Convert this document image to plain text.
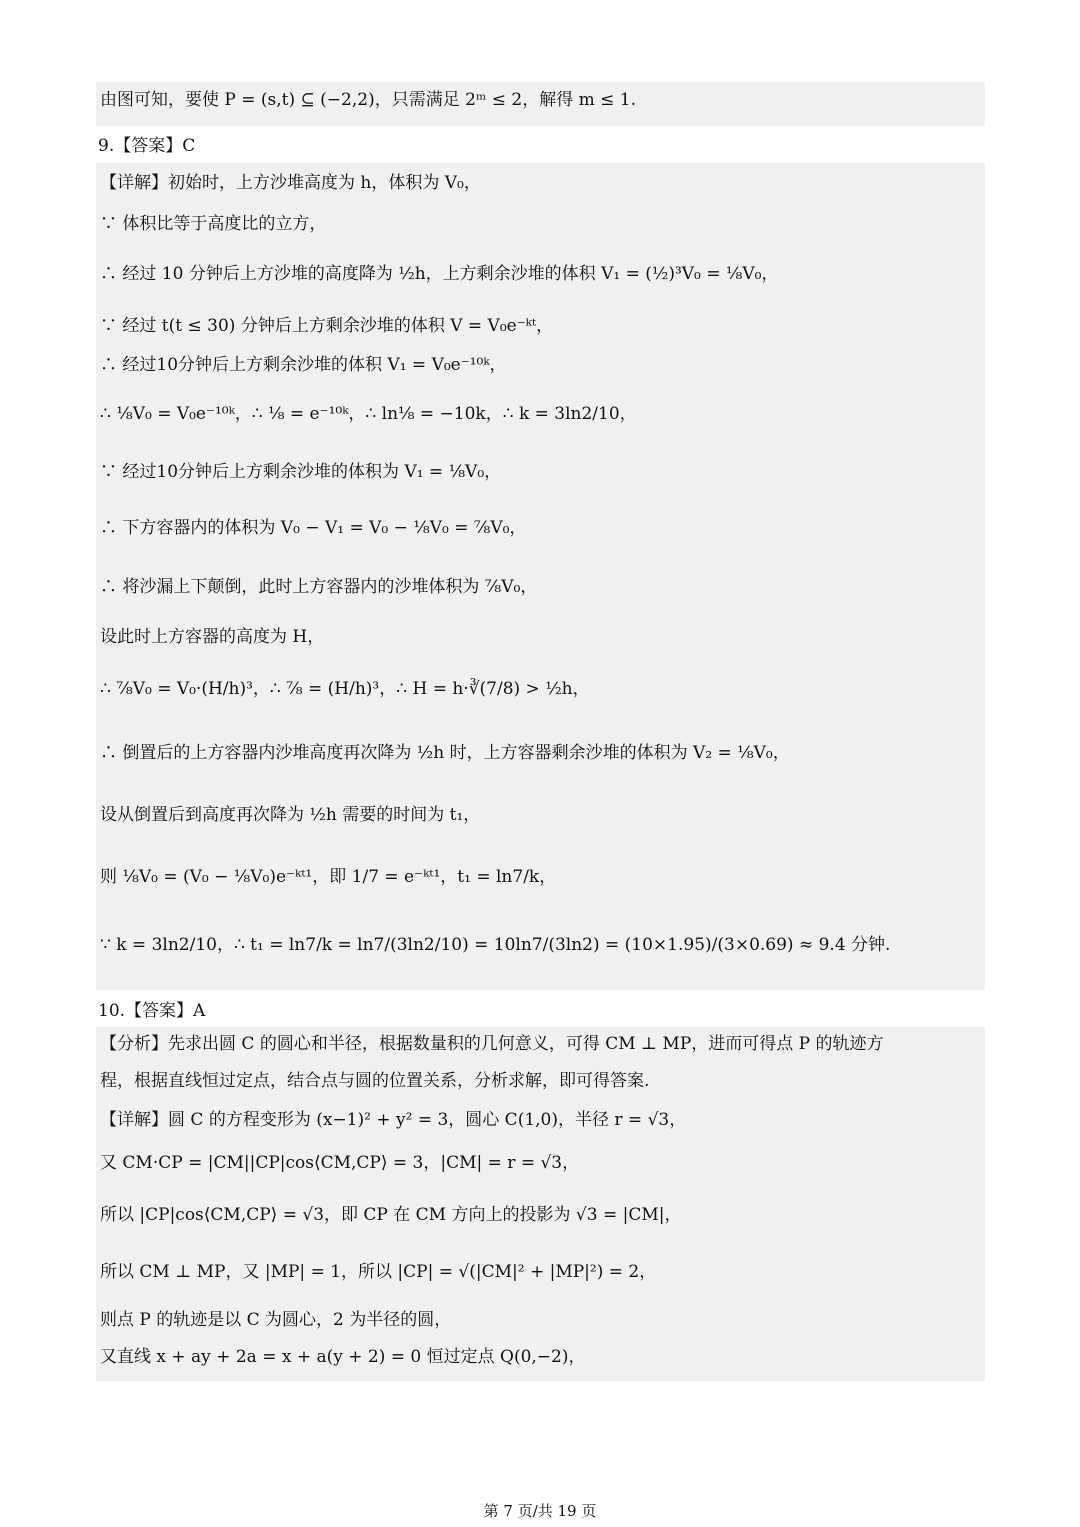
由图可知，要使 P = (s,t) ⊆ (−2,2)，只需满足 2ᵐ ≤ 2，解得 m ≤ 1.
9.【答案】C
【详解】初始时，上方沙堆高度为 h，体积为 V₀，
∵ 体积比等于高度比的立方，
∴ 经过 10 分钟后上方沙堆的高度降为 ½h，上方剩余沙堆的体积 V₁ = (½)³V₀ = ⅛V₀，
∵ 经过 t(t ≤ 30) 分钟后上方剩余沙堆的体积 V = V₀e⁻ᵏᵗ，
∴ 经过10分钟后上方剩余沙堆的体积 V₁ = V₀e⁻¹⁰ᵏ，
∴ ⅛V₀ = V₀e⁻¹⁰ᵏ，∴ ⅛ = e⁻¹⁰ᵏ，∴ ln⅛ = −10k，∴ k = 3ln2/10，
∵ 经过10分钟后上方剩余沙堆的体积为 V₁ = ⅛V₀，
∴ 下方容器内的体积为 V₀ − V₁ = V₀ − ⅛V₀ = ⅞V₀，
∴ 将沙漏上下颠倒，此时上方容器内的沙堆体积为 ⅞V₀，
设此时上方容器的高度为 H，
∴ ⅞V₀ = V₀·(H/h)³，∴ ⅞ = (H/h)³，∴ H = h·∛(7/8) > ½h，
∴ 倒置后的上方容器内沙堆高度再次降为 ½h 时，上方容器剩余沙堆的体积为 V₂ = ⅛V₀，
设从倒置后到高度再次降为 ½h 需要的时间为 t₁，
则 ⅛V₀ = (V₀ − ⅛V₀)e⁻ᵏᵗ¹，即 1/7 = e⁻ᵏᵗ¹，t₁ = ln7/k，
∵ k = 3ln2/10，∴ t₁ = ln7/k = ln7/(3ln2/10) = 10ln7/(3ln2) = (10×1.95)/(3×0.69) ≈ 9.4 分钟.
10.【答案】A
【分析】先求出圆 C 的圆心和半径，根据数量积的几何意义，可得 CM ⊥ MP，进而可得点 P 的轨迹方
程，根据直线恒过定点，结合点与圆的位置关系，分析求解，即可得答案.
【详解】圆 C 的方程变形为 (x−1)² + y² = 3，圆心 C(1,0)，半径 r = √3，
又 CM·CP = |CM||CP|cos⟨CM,CP⟩ = 3，|CM| = r = √3，
所以 |CP|cos⟨CM,CP⟩ = √3，即 CP 在 CM 方向上的投影为 √3 = |CM|，
所以 CM ⊥ MP，又 |MP| = 1，所以 |CP| = √(|CM|² + |MP|²) = 2，
则点 P 的轨迹是以 C 为圆心，2 为半径的圆，
又直线 x + ay + 2a = x + a(y + 2) = 0 恒过定点 Q(0,−2)，
第 7 页/共 19 页
